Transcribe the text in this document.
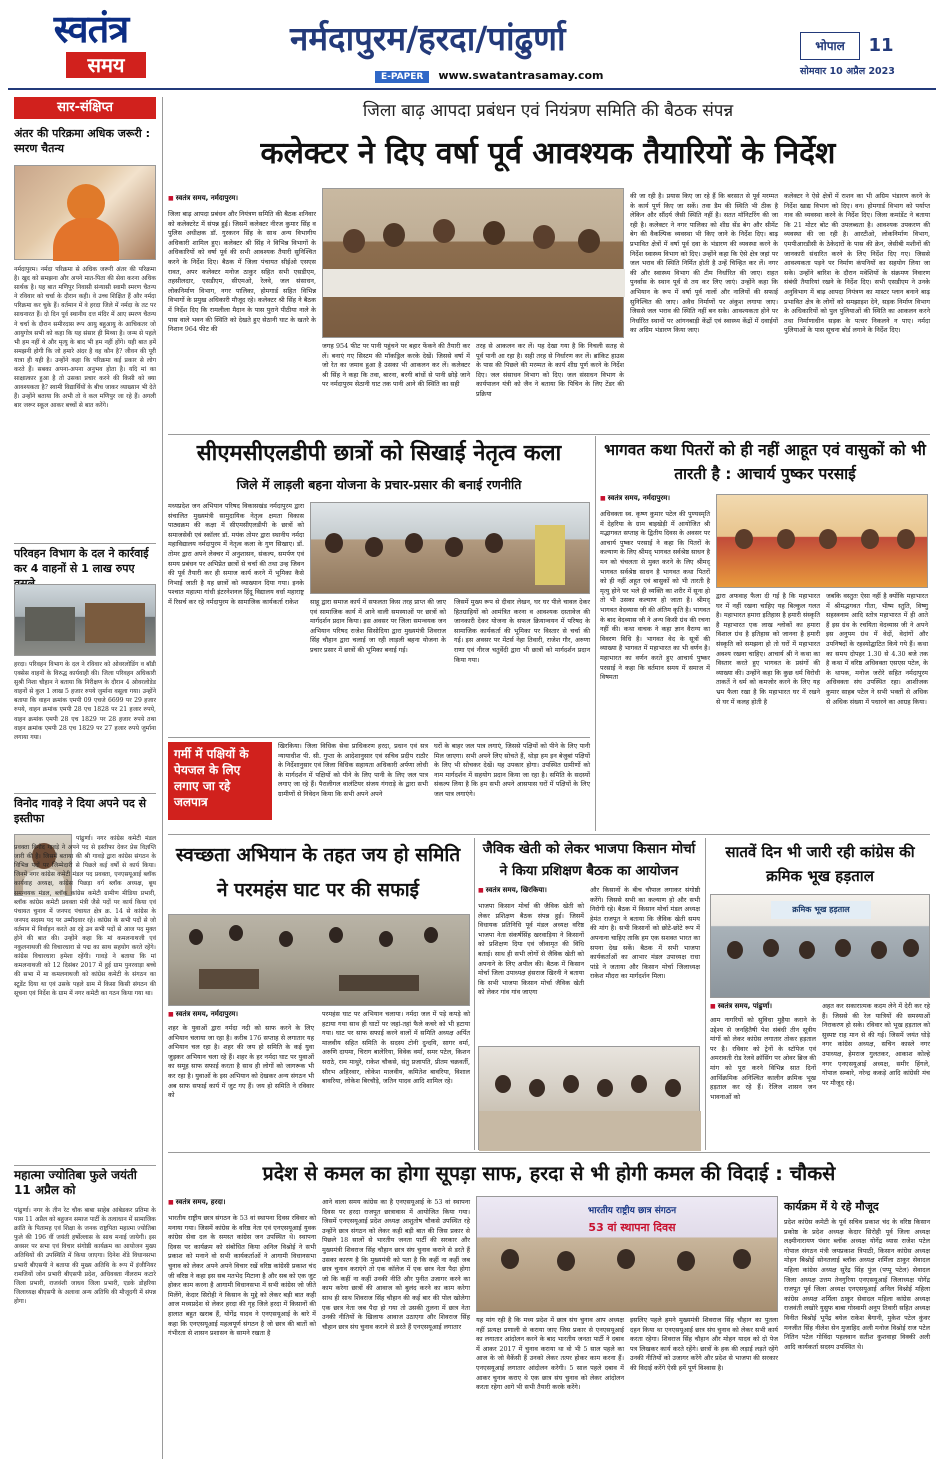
स्वतंत्र
समय
नर्मदापुरम/हरदा/पांढुर्णा
E-PAPER www.swatantrasamay.com
भोपाल	11
सोमवार 10 अप्रैल 2023
सार-संक्षिप्त
अंतर की परिक्रमा अधिक जरूरी : स्मरण चैतन्य
नर्मदापुरम। नर्मदा परिक्रमा से अधिक जरूरी अंतर की परिक्रमा है। खुद को समझना और अपने मात-पिता की सेवा करना अधिक सार्थक है। यह बात मणिपुर निवासी संन्यासी स्वामी स्मरण चैतन्य ने रविवार को चर्चा के दौरान कही। वे उच्च शिक्षित हैं और नर्मदा परिक्रमा कर चुके हैं। वर्तमान में वे हरदा जिले में नर्मदा के तट पर साधनारत हैं। दो दिन पूर्व स्थानीय दत्त मंदिर में आए स्मरण चैतन्य ने चर्चा के दौरान समीरदास रूप आयु बहुआयु के आचिकतर जो आयुगोत्र सभी को कहा कि यह संसार ही मिथ्या है। जन्म से पहले भी हम नहीं थे और मृत्यु के बाद भी हम नहीं होंगे। यही बात हमें समझनी होगी कि जो हमारे अंदर है वह कौन है? जीवन की पूरी यात्रा ही यही है। उन्होंने कहा कि परिक्रमा कई प्रकार से लोग करते हैं। सबका अपना-अपना अनुभव होता है। यदि मां का साक्षात्कार हुआ है तो उसका प्रचार करने की किसी को क्या आवश्यकता है? स्वामी विद्यार्थियों के बीच जाकर व्याख्यान भी देते हैं। उन्होंने बताया कि अभी तो वे कल मणिपुर जा रहे हैं। अगली बार जरूर स्कूल आकर बच्चों से बात करेंगे।
परिवहन विभाग के दल ने कार्रवाई कर 4 वाहनों से 1 लाख रुपए
हरदा। परिवहन विभाग के दल ने रविवार को ओवरलोडिंग व बॉडी एक्सेस वाहनों के विरुद्ध कार्यवाही की। जिला परिवहन अधिकारी सुश्री निशा चौहान ने बताया कि निरीक्षण के दौरान 4 ओवरलोडेड वाहनों से कुल 1 लाख 5 हजार रुपये जुर्माना वसूला गया। उन्होंने बताया कि वाहन क्रमांक एमपी 09 एचजे 6699 पर 29 हजार रुपये, वाहन क्रमांक एमपी 28 एच 1828 पर 21 हजार रुपये, वाहन क्रमांक एमपी 28 एच 1829 पर 28 हजार रुपये तथा वाहन क्रमांक एमपी 28 एच 1829 पर 27 हजार रुपये जुर्माना लगाया गया।
विनोद गावड़े ने दिया अपने पद से इस्तीफा
पांढुर्णा। नगर कांग्रेस कमेटी मंडल प्रवक्ता विनोद गावड़े ने अपने पद से इस्तीफा देकर प्रेस विज्ञप्ति जारी की है। जिसमें बताया की श्री गावड़े द्वारा कांग्रेस संगठन के विभिन्न पदों पर जिम्मेदारी से पिछले कई वर्षों से कार्य किया। जिनमें नगर कांग्रेस कमेटी मंडल पद प्रवक्ता, एनएसयूआई ब्लॉक कार्यवाह अध्यक्ष, कांग्रेस पिछड़ा वर्ग ब्लॉक अध्यक्ष, बूथ समन्वयक मंडल, ब्लॉक कांग्रेस कमेटी ग्रामीण मीडिया प्रभारी, ब्लॉक कांग्रेस कमेटी प्रवक्ता मंत्री जैसे पदों पर कार्य किया एवं पंचायत चुनाव में जनपद पंचायत क्षेत्र क्र. 14 से कांग्रेस के जनपद सदस्य पद पर उम्मीदवार रहे। कांग्रेस के सभी पदों से जो वर्तमान में निर्वाहन करते आ रहे उन सभी पदों से आज पद मुक्त होने की बात की। उन्होंने कहा कि मां कमलनाथजी एवं नकुलनाथजी की विचारधारा से पद्म का साथ सहयोग करते रहेंगे। कांग्रेस विचारधारा हमेशा रहेंगी। गावड़े ने बताया कि मां कमलनाथजी को 12 दिसंबर 2017 में हुई ग्राम पुनरवाड़ा बच्चे की सभा में मा कमलनाथजी को कांग्रेस कमेटी के संगठन का स्टूडेंट दिया था एवं उसके पहले ग्राम में किसा किसी संगठन की सूचना एवं निर्देश के ग्राम में नगर कमेटी का गठन किया गया था।
महात्मा ज्योतिबा फुले जयंती 11 अप्रैल को
पांढुर्णा। नगर के तीन रेट चौक बाबा साहेब आंबेडकर प्रतिमा के पास 11 अप्रैल को बहुजन समाज पार्टी के तत्वाधान में सामाजिक क्रांति के पितामह एवं शिक्षा के जनक राष्ट्रपिता महात्मा ज्योतिबा फुले की 196 वीं जयंती हर्षोल्लास के साथ मनाई जायेगी। इस अवसर पर सभा एवं विचार संगोष्ठी कार्यक्रम का आयोजन मुख्य अतिथियों की उपस्थिति में किया जाएगा। दिनेश शेंडे विधानसभा प्रभारी बीएसपी ने बताया की मुख्य अतिथि के रूप में इंजीनियर रामजियों जोन प्रभारी बीएसपी प्रदेश, अधिवक्ता नीलराम कटारे जिला प्रभारी, राजवंशी जाधव जिला प्रभारी, एडके डोहरिया जिलाध्यक्ष बीएसपी के अलावा अन्य अतिथि की मौजूदगी में संपन्न होगा।
जिला बाढ़ आपदा प्रबंधन एवं नियंत्रण समिति की बैठक संपन्न
कलेक्टर ने दिए वर्षा पूर्व आवश्यक तैयारियों के निर्देश
■ स्वतंत्र समय, नर्मदापुरम।
जिला बाढ़ आपदा प्रबंधन और नियंत्रण समिति की बैठक शनिवार को कलेक्टरेट में संपन्न हुई। जिसमें कलेक्टर नीरज कुमार सिंह व पुलिस अधीक्षक डॉ. गुरकरन सिंह के साथ अन्य विभागीय अधिकारी शामिल हुए। कलेक्टर श्री सिंह ने विभिन्न विभागों के अधिकारियों को वर्षा पूर्व की सभी आवश्यक तैयारी सुनिश्चित करने के निर्देश दिए। बैठक में जिला पंचायत सीईओ एसएस रावत, अपर कलेक्टर मनोज ठाकुर सहित सभी एसडीएम, तहसीलदार, एसडीएम, सीएमओ, रेलवे, जल संसाधन, लोकनिर्माण विभाग, नगर पालिका, होमगार्ड सहित विभिन्न विभागों के प्रमुख अधिकारी मौजूद रहे। कलेक्टर श्री सिंह ने बैठक में निर्देश दिए कि रामलीला मैदान के पास पुराने पीठीया नाले के पास वाले भवन की स्थिति को देखते हुए सेठानी घाट के खतरे के निशान 964 फीट की
जगह 954 फीट पर पानी पहुंचने पर बहार फेंकने की तैयारी कर लें। बनाएं गए सिस्टम की मॉकड्रिल करके देखें। जिससे वर्षा में जो रेत का जमाव हुआ है उसका भी आकलन कर लें। कलेक्टर श्री सिंह ने कहा कि तवा, बारना, बरगी बांधों से पानी छोड़े जाने पर नर्मदापुरम सेठानी घाट तक पानी आने की स्थिति का सही
तरह से आकलन कर लें। यह देखा गया है कि निचली सतह से पूर्व पानी आ रहा है। सही तरह से निर्धारण कर लें। ब्रांकिट हाउस के पास की पिछले की मरम्मत के कार्य शीघ्र पूर्ण करने के निर्देश दिए। जल संसाधन विभाग को दिए। जल संसाधन विभाग के कार्यपालन यंत्री को जैन ने बताया कि पिचिन के लिए टेंडर की प्रक्रिया
की जा रही है। प्रयास किए जा रहे हैं कि बरसात से पूर्व मरम्मत के कार्य पूर्ण किए जा सकें। तवा डैम की स्थिति भी ठीक है लेकिन और सौंदर्य जैसी स्थिति नहीं है। सतत मॉनिटरिंग की जा रही है। कलेक्टर ने नगर पालिका को शीघ्र सेंड बेग और सीमेंट बेग की वैकल्पिक व्यवस्था भी किए जाने के निर्देश दिए। बाढ़ प्रभावित क्षेत्रों में वर्षा पूर्व दवा के भंडारण की व्यवस्था करने के निर्देश स्वास्थ्य विभाग को दिए। उन्होंने कहा कि ऐसे क्षेत्र जहां पर जल भराव की स्थिति निर्मित होती है उन्हें चिन्हित कर लें। नगर की और स्वास्थ्य विभाग की टीम निर्धारित की जाए। राहत पुनर्वास के स्थान पूर्व से तय कर लिए जाएं। उन्होंने कहा कि अभियान के रूप में वर्षा पूर्व नालों और नालियों की सफाई सुनिश्चित की जाए। अवैध निर्माणों पर अंकुश लगाया जाए। जिससे जल भराव की स्थिति नहीं बन सके। आवश्यकता होने पर निर्धारित स्थानों पर आंगनबाड़ी केंद्रों एवं स्वास्थ्य केंद्रों में दवाईयों का अग्रिम भंडारण किया जाए।
कलेक्टर ने ऐसे क्षेत्रों में राशन का भी अग्रिम भंडारण करने के निर्देश खाद्य विभाग को दिए। वन। होमगार्ड विभाग को पर्याप्त नाव की व्यवस्था करने के निर्देश दिए। जिला कमांडेंट ने बताया कि 21 मोटर बोट की उपलब्धता है। आवश्यक उपकरण की व्यवस्था की जा रही है। आरटीओ, लोकनिर्माण विभाग, एमपीआरडीसी के ठेकेदारों के पास की क्रेन, जेसीबी मशीनों की जानकारी संधारित करने के लिए निर्देश दिए गए। जिससे आवश्यकता पड़ने पर निर्माण कंपनियों का सहयोग लिया जा सके। उन्होंने बारिश के दौरान मवेशियों के संक्रमण निवारण संबंधी तैयारियां रखने के निर्देश दिए। सभी एसडीएम ने उनके अनुविभाग में बाढ़ आपदा नियंत्रण का मास्टर प्लान बनाने बाढ़ प्रभावित क्षेत्र के लोगों को समझाइश देने, सड़क निर्माण विभाग के अधिकारियों को पुल पुलियाओं की स्थिति का आकलन करने तथा निर्माणाधीन सड़क के पत्थर निकलने न पाए। नर्मदा पुलियाओं के पास सूचना बोर्ड लगाने के निर्देश दिए।
सीएमसीएलडीपी छात्रों को सिखाई नेतृत्व कला
जिले में लाड़ली बहना योजना के प्रचार-प्रसार की बनाई रणनीति
मध्यप्रदेश जन अभियान परिषद विकासखंड नर्मदापुरम द्वारा संचालित मुख्यमंत्री सामुदायिक नेतृत्व क्षमता विकास पाठ्यक्रम की कक्षा में सीएमसीएलडीपी के छात्रों को समाजसेवी एवं स्कॉलर डॉ. मयंक तोमर द्वारा स्थानीय नर्मदा महाविद्यालय नर्मदापुरम में नेतृत्व कला के गुण सिखाए। डॉ. तोमर द्वारा अपने लेक्चर में अनुशासन, संकल्प, समर्पण एवं समय प्रबंधन पर अभिप्रेत छात्रों से चर्चा की तथा उन्ह जिवन की पूर्व तैयारी कर ही समाज कार्य करने में भूमिका कैसे निभाई जाती है यह छात्रों को व्याख्यान दिया गया। इनके पश्चात महात्मा गांधी इंटरनेशनल हिंदू विद्यालय वर्धा महाराष्ट्र में रिसर्च कर रहे नर्मदापुरम के सामाजिक कार्यकर्ता राकेश	साहू द्वारा समाज कार्य में सफलता किस तरह प्राप्त की जाए एवं सामाजिक कार्य में आने वाली समस्याओं पर छात्रों को मार्गदर्शन प्रदान किया। इस अवसर पर जिला समन्वयक जन अभियान परिषद राजेश सिसोदिया द्वारा मुख्यमंत्री शिवराज सिंह चौहान द्वारा चलाई जा रही लाड़ली बहना योजना के प्रचार प्रसार में छात्रों की भूमिका बनाई गई।
जिसमें मुख्य रूप से दीवार लेखन, घर घर पीले चावल देकर हितग्राहियों को आमंत्रित करना व आवश्यक दस्तावेज की जानकारी देकर योजना के सफल क्रियान्वयन में परिषद के सामाजिक कार्यकर्ता की भूमिका पर विस्तार से चर्चा की गई। इस अवसर पर मेंटर्स नेहा तिवारी, राजेश गौर, अरुणा राणा एवं नीरज चतुर्वेदी द्वारा भी छात्रों को मार्गदर्शन प्रदान किया गया।
गर्मी में पक्षियों के पेयजल के लिए लगाए जा रहे जलपात्र
खिरकिया। जिला विधिक सेवा प्राधिकरण हरदा, प्रधान एवं सत्र न्यायाधीश पी. सी. गुप्ता के आदेशानुसार एवं सचिव प्रदीप राठौर के निर्देशानुसार एवं जिला विधिक सहायता अधिकारी अर्पणा लोधी के मार्गदर्शन में पक्षियों को पीने के लिए पानी के लिए जल पात्र लगाए जा रहे हैं। पैरालीगल वालंटियर संजय गंगराड़े के द्वारा सभी ग्रामीणों से निवेदन किया कि सभी अपने अपने
घरों के बाहर जल पात्र लगाएं, जिससे पक्षियों को पीने के लिए पानी मिल जाएगा। सभी अपने लिए सोचते हैं, थोड़ा हम इन बेजुबां पक्षियों के लिए भी सोचकर देखें। यह उपकार होगा। उपस्थित ग्रामीणों को नाम मार्गदर्शन में सहयोग प्रदान किया जा रहा है। समिति के सदस्यों संकल्प लिया है कि हम सभी अपने आसपास घरों में पक्षियों के लिए जल पात्र लगाएंगे।
भागवत कथा पितरों को ही नहीं आहूत एवं वासुकों को भी तारती है : आचार्य पुष्कर परसाई
■ स्वतंत्र समय, नर्मदापुरम।
अधिवक्ता स्व. कृष्ण कुमार पटेल की पुण्यस्मृति में देहरिया के ग्राम बाइखेड़ी में आयोजित श्री मद्भागवत सप्ताह के द्वितीय दिवस के अवसर पर आचार्य पुष्कर परसाई ने कहा कि पितरों के कल्याण के लिए श्रीमद् भागवत सर्वश्रेष्ठ साधन है मन को चंचलता से मुक्त करने के लिए श्रीमद् भागवत सर्वश्रेष्ठ साधन है भागवत कथा पितरों को ही नहीं अहूत एवं बासुकों को भी तारती है मृत्यु होने पर भले ही व्यक्ति का शरीर में सूना हो तो भी उसका कल्याण हो जाता है। श्रीमद् भागवत वेदव्यास जी की अंतिम कृति है। भागवत के बाद वेदव्यास जी ने अन्य किसी ग्रंथ की रचना नहीं की। कथा वाचक ने कहा ज्ञान वैराग्य का विवरण विधि है। भागवत वेद के सूत्रों की व्याख्या है भागवत में महाभारत का भी वर्णन है। महाभारत का वर्णन करते हुए आचार्य पुष्कर परसाई ने कहा कि वर्तमान समय में समाज में विषमता
द्वारा अफवाह फैला दी गई है कि महाभारत घर में नहीं रखना चाहिए यह बिल्कुल गलत है। महाभारत हमारा इतिहास है हमारी संस्कृति है महाभारत एक लाख श्लोकों का हमारा विशाल ग्रंथ है इतिहास को जानना है हमारी संस्कृति को समझना हो तो घरों में महाभारत अवश्य रखना चाहिए। आचार्य श्री ने कथा का विस्तार करते हुए भागवत के प्रसंगों की व्याख्या की। उन्होंने कहा कि कुछ धर्म विरोधी ताकतें ने धर्म को कमजोर करने के लिए यह भ्रम फैला रखा है कि महाभारत घर में रखने से घर में कलह होती है
जबकि वस्तुतः ऐसा नहीं है क्योंकि महाभारत में श्रीमद्भगवत गीता, भीष्म स्तुति, विष्णु सहस्त्रनाम आदि स्तोत्र महाभारत में ही आते हैं इस ग्रंथ के रचयिता वेदव्यास जी ने अपने इस अनुपम ग्रंथ में वेदों, वेदांगों और उपनिषदों के रहस्योद्घाटित किये गये हैं। कथा का समय दोपहर 1.30 से 4.30 बजे तक है कथा में वरिष्ठ अधिवक्ता एसएस पटेल, के के थापक, मनोज जरोरे सहित नर्मदापुरम अधिवक्ता संघ उपस्थित रहा। आशीजक कुमार साहब पटेल ने सभी भक्तों से अधिक से अधिक संख्या में पधारने का आग्रह किया।
स्वच्छता अभियान के तहत जय हो समिति ने परमहंस घाट पर की सफाई
■ स्वतंत्र समय, नर्मदापुरम।
शहर के युवाओं द्वारा नर्मदा नदी को साफ करने के लिए अभियान चलाया जा रहा है। करीब 176 सप्ताह से लगातार यह अभियान चल रहा है। शहर की जय हो समिति के कई युवा जुड़कर अभियान चला रहे हैं। शहर के हर नर्मदा घाट पर युवाओं का समूह साफ सफाई करता है साथ ही लोगों को जागरूक भी कर रहा है। युवाओं के इस अभियान को देखकर अन्य संगठन भी अब साफ सफाई कार्य में जुट गए हैं। जय हो समिति ने रविवार को
परमहंस घाट पर अभियान चलाया। नर्मदा जल में पड़े कपड़े को हटाया गया साथ ही घाटों पर जहां-तहां फैले कचरे को भी हटाया गया। घाट पर साफ सफाई करने वालों में समिति अध्यक्ष अर्पित मालवीय सहित समिति के सदस्य टोनी दुन्दयि, सागर वर्मा, अरुणि दायमा, चिराग बालेरिया, विवेक वर्मा, समर पटेल, किशन सराठे, राम माथुरे, राकेश चौकसे, संतु प्रजापति, प्रीतम चक्रवर्ती, सौरभ अहिरवार, लोकेश मालवीय, कमितेश बावरिया, विशाल बावरिया, लोकेश बिरचौड़े, जतिन यादव आदि शामिल रहे।
जैविक खेती को लेकर भाजपा किसान मोर्चा ने किया प्रशिक्षण बैठक का आयोजन
■ स्वतंत्र समय, खिरकिया।
भाजपा किसान मोर्चा की जैविक खेती को लेकर प्रशिक्षण बैठक संपन्न हुई। जिसमें विधायक प्रतिनिधि पूर्व मंडल अध्यक्ष वरिष्ठ भाजपा नेता संकर्षसिंह खरवाड़िया ने किसानों को प्रशिक्षण दिया एवं जीवामृत की विधि बताई। साथ ही सभी लोगों से जैविक खेती को अपनाने के लिए अपील की। बैठक में किसान मोर्चा जिला उपाध्यक्ष हंसराज खिरनी ने बताया कि सभी भाजपा किसान मोर्चा जैविक खेती को लेकर गांव गांव जाएगा
और किसानों के बीच चौपाल लगाकर संगोष्ठी करेंगे। जिससे सभी का कल्याण हो और सभी निरोगी रहे। बैठक में किसान मोर्चा मंडल अध्यक्ष हेमंत राजपूत ने बताया कि जैविक खेती समय की मांग है। सभी किसानों को छोटे-छोटे रूप में अपनाना चाहिए ताकि हम एक सशक्त भारत का सपना देख सकें। बैठक में सभी भाजपा कार्यकर्ताओं का आभार मंडल उपाध्यक्ष राधा पांडे ने जताया और किसान मोर्चा जिलाध्यक्ष राकेश मौदरा का मार्गदर्शन मिला।
सातवें दिन भी जारी रही कांग्रेस की क्रमिक भूख हड़ताल
क्रमिक भूख हड़ताल
■ स्वतंत्र समय, पांढुर्णा।
आम नागरियों को सुविधा मुहैया कराने के उद्देश्य से जनहितैषी पेश संबंधी तीन सूत्रीय मांगों को लेकर कांग्रेस लगातार तोकर हड़ताल पर है। रविवार को ट्रेनों के स्टॉपेज एवं अमरावती रोड रेलवे क्रॉसिंग पर ओवर ब्रिज की मांग को पूरा करने विभिन्न सात दिनों आर्थिक्रमिक अनिश्चित कालीन क्रमिक भूख हड़ताल कर रहे हैं। रेलिज शासन जन भावनाओं को
अहत कर सकारात्मक कदम लेने में देरी कर रहे हैं। जिससे की रेल यात्रियों की समस्याओं निराकरण हो सके। रविवार को भूख हड़ताल को सुस्पष्ट राह मान से की गई। जिसमें जयंत घोड़े नगर कांग्रेस अध्यक्ष, सचिन कास्ले नगर उपाध्यक्ष, हेमराज गुलतकर, आकाश कोल्हे नगर एनएसयूआई अध्यक्ष, समीर हिंगले, गोपाल सम्बारे, नरेन्द्र ककड़े आदि कांग्रेसी मंच पर मौजूद रहे।
प्रदेश से कमल का होगा सूपड़ा साफ, हरदा से भी होगी कमल की विदाई : चौकसे
■ स्वतंत्र समय, हरदा।
भारतीय राष्ट्रीय छात्र संगठन के 53 वां स्थापना दिवस रविवार को मनाया गया। जिसमें कांग्रेस के वरिष्ठ नेता एवं एनएसयूआई युवक कांग्रेस सेवा दल के समस्त कांग्रेस जन उपस्थित थे। स्थापना दिवस पर कार्यक्रम को संबोधित किया अनिल विश्नोई ने सभी प्रकाश को मनाने वो सभी कार्यकर्ताओं ने आगामी विधानसभा चुनाव को लेकर अपने अपने विचार रखें वरिष्ठ कांग्रेसी प्रकाश चंद जी वरिष्ठ ने कहा इस सब मतभेद मिटाना है और सब को एक जुट होकर काम करना है आगामी विधानसभा में सभी कांग्रेस जो जीते मिलेंगे, केदार सिरोही ने किसान के मुद्दे को लेकर बड़ी बात कही आज मध्यप्रदेश से लेकर हरदा की गृह जिले हरदा में किसानों की हालात बहुत खराब हैं, योगेंद्र यादव ने एनएसयूआई के बारे में कहा कि एनएसयूआई महत्वपूर्ण संगठन है जो छात्र की बातों को गंभीरता से शासन प्रशासन के सामने रखता है
आने वाला समय कांग्रेस का है एनएसयूआई के 53 वां स्थापना दिवस पर हरदा राजपूत छात्रावास में आयोजित किया गया। जिसमें एनएसयूआई प्रदेश अध्यक्ष आशुतोष चौकसे उपस्थित रहे उन्होंने छात्र संगठन को लेकर कही बड़ी बात की जिस प्रकार से पिछले 18 सालों से भारतीय जनता पार्टी की सरकार और मुख्यमंत्री शिवराज सिंह चौहान छात्र संघ चुनाव कराने से डरते हैं उसका कारण है कि मुख्यमंत्री को पता है कि कहीं ना कहीं जब छात्र चुनाव कराएंगे तो एक कॉलेज में एक छात्र नेता पैदा होगा जो कि कहीं ना कहीं उनकी नीति और पुनीत उजागर करने का काम करेगा छात्रों की आवाज को बुलंद करने का काम करेगा साथ ही साथ शिवराज सिंह चौहान की कई बार की पोल खोलेगा एक छात्र नेता जब पैदा हो गया तो उसकी तुलना में छात्र नेता उनकी नीतियों के खिलाफ आवाज उठाएगा और शिवराज सिंह चौहान छात्र संघ चुनाव कराने से डरते हैं एनएसयूआई लगातार
भारतीय राष्ट्रीय छात्र संगठन
53 वां स्थापना दिवस
यह मांग रही है कि मध्य प्रदेश में छात्र संघ चुनाव आप अध्यक्ष नहीं प्रत्यक्ष प्रणाली से कराया जाए जिस प्रकार से एनएसयूआई का लगातार आंदोलन करने के बाद भारतीय जनता पार्टी ने दबाव में आकर 2017 में चुनाव कराया था वो भी 5 साल पहले का आज के जो वैकेंसी हैं उनको लेकर तत्पर होकर काम करना हैं। एनएसयूआई लगातार आंदोलन करेगी। 5 साल पहले दबाव में आकर चुनाव कराए थे एक छात्र संघ चुनाव को लेकर आंदोलन करता रहेगा आगे भी सभी तैयारी करके करेंगे।
इसलिए पहले हमने मुख्यमंत्री शिवराज सिंह चौहान का पुतला दहन किया था एनएसयूआई छात्र संघ चुनाव को लेकर सभी कार्य करता रहेगा। शिवराज सिंह चौहान और मोहन यादव को दो पेज पत्र लिखकर कार्य करते रहेंगे। छात्रों के हक की लड़ाई लड़ते रहेंगे उनकी नीतियों को उजागर करेंगे और प्रदेश से भाजपा की सरकार की विदाई करेंगे ऐसी हमें पूर्ण विश्वास है।
कार्यक्रम में ये रहे मौजूद
प्रदेश कांग्रेस कमेटी के पूर्व सचिव प्रकाश चंद के वरिष्ठ किसान प्रकोष्ठ के प्रदेश अध्यक्ष केदार सिरोही पूर्व जिला अध्यक्ष लक्ष्मीनारायण पंवार ब्लॉक अध्यक्ष योगेंद्र व्यास राजेश पटेल गोपाल संगठन मंत्री जयप्रकाश त्रिपाठी, किसान कांग्रेस अध्यक्ष मोहन बिश्नोई सोनतलाई ब्लॉक अध्यक्ष शर्मिला ठाकुर सेवादल महिला कांग्रेस अध्यक्ष सुरेंद्र सिंह पुंज (पप्पू पटेल) सेवादल जिला अध्यक्ष उत्तम तेनगुरिया एनएसयूआई जिलाध्यक्ष योगेंद्र राजपूत पूर्व जिला अध्यक्ष एनएसयूआई अनिल विश्नोई महिला कांग्रेस अध्यक्ष शर्मिला ठाकुर सेवादल महिला कांग्रेस अध्यक्ष राजवंती लखोरे युसुफ बाबा गोस्वामी अनूप तिवारी सहित अध्यक्ष विनीत बिश्नोई भूपेंद्र बघेल राकेश बैगानी, मुकेश पटेल कुंवर मनजीत सिंह नीलेश सेन मुजाहिद अली मनोज विश्नोई राज पटेल नितिन पटेल गोविंदा पहलवान सतीश कुशवाहा विक्की अली आदि कार्यकर्ता सदस्य उपस्थित थे।
